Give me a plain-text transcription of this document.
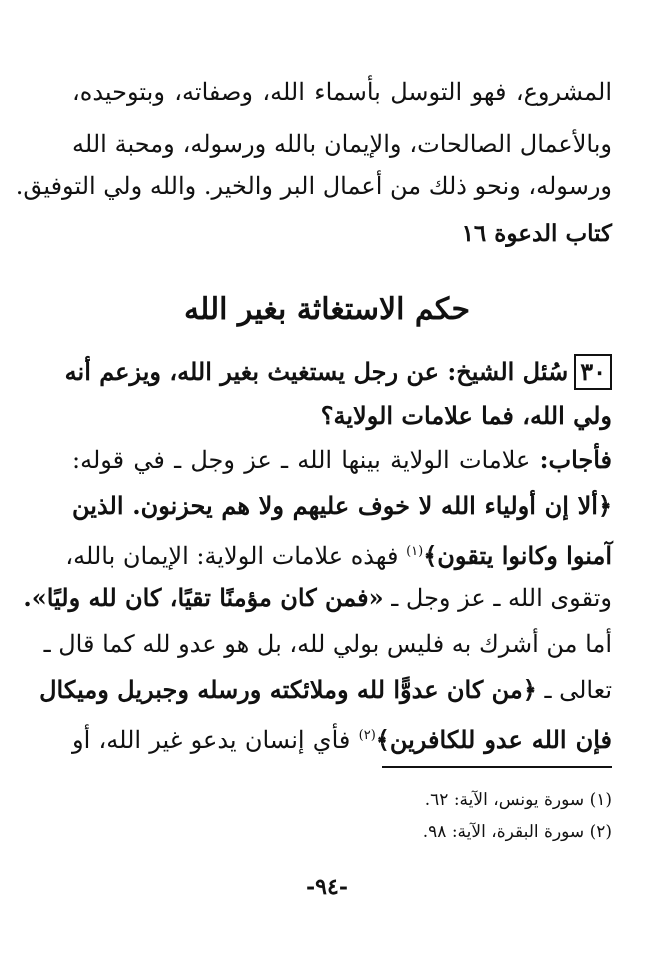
المشروع، فهو التوسل بأسماء الله، وصفاته، وبتوحيده،
وبالأعمال الصالحات، والإيمان بالله ورسوله، ومحبة الله
ورسوله، ونحو ذلك من أعمال البر والخير. والله ولي التوفيق.
كتاب الدعوة ١٦
حكم الاستغاثة بغير الله
٣٠سُئل الشيخ: عن رجل يستغيث بغير الله، ويزعم أنه
ولي الله، فما علامات الولاية؟
فأجاب: علامات الولاية بينها الله ـ عز وجل ـ في قوله:
﴿ألا إن أولياء الله لا خوف عليهم ولا هم يحزنون. الذين
آمنوا وكانوا يتقون﴾$^{(١)}$ فهذه علامات الولاية: الإيمان بالله،
وتقوى الله ـ عز وجل ـ «فمن كان مؤمنًا تقيًا، كان لله وليًا».
أما من أشرك به فليس بولي لله، بل هو عدو لله كما قال ـ
تعالى ـ ﴿من كان عدوًّا لله وملائكته ورسله وجبريل وميكال
فإن الله عدو للكافرين﴾$^{(٢)}$ فأي إنسان يدعو غير الله، أو
(١) سورة يونس، الآية: ٦٢.
(٢) سورة البقرة، الآية: ٩٨.
-٩٤-
